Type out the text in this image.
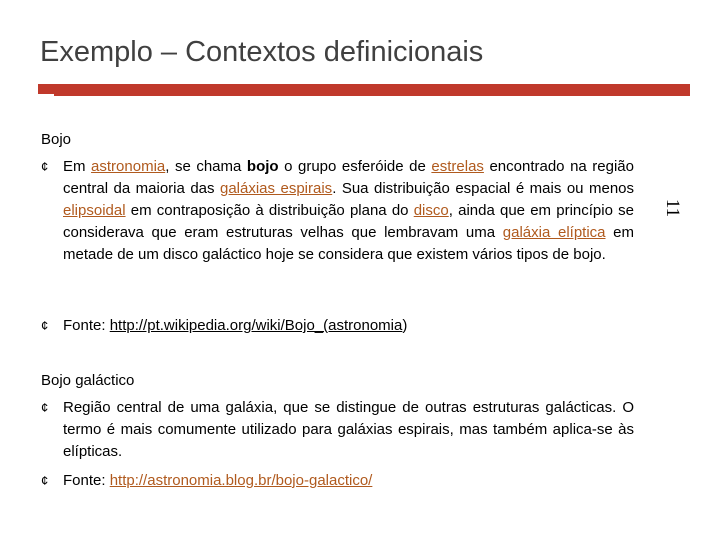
Exemplo – Contextos definicionais
11
Bojo
¢ Em astronomia, se chama bojo o grupo esferóide de estrelas encontrado na região central da maioria das galáxias espirais. Sua distribuição espacial é mais ou menos elipsoidal em contraposição à distribuição plana do disco, ainda que em princípio se considerava que eram estruturas velhas que lembravam uma galáxia elíptica em metade de um disco galáctico hoje se considera que existem vários tipos de bojo.
¢ Fonte: http://pt.wikipedia.org/wiki/Bojo_(astronomia)
Bojo galáctico
¢ Região central de uma galáxia, que se distingue de outras estruturas galácticas. O termo é mais comumente utilizado para galáxias espirais, mas também aplica-se às elípticas.
¢ Fonte: http://astronomia.blog.br/bojo-galactico/
